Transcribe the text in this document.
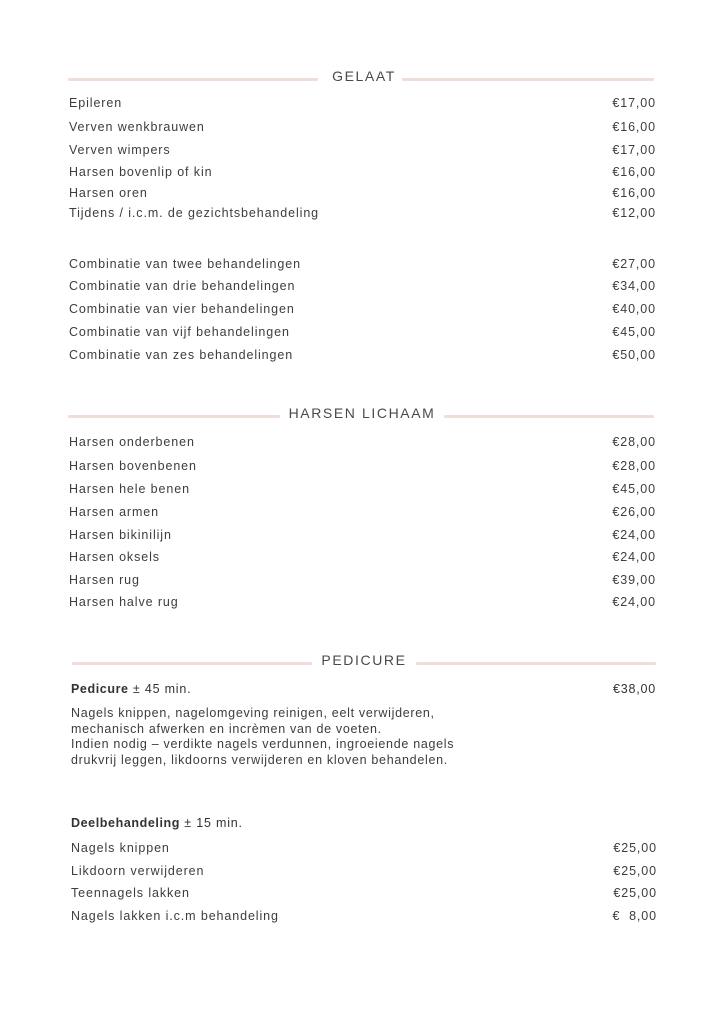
GELAAT
Epileren	€17,00
Verven wenkbrauwen	€16,00
Verven wimpers	€17,00
Harsen bovenlip of kin	€16,00
Harsen oren	€16,00
Tijdens / i.c.m. de gezichtsbehandeling	€12,00
Combinatie van twee behandelingen	€27,00
Combinatie van drie behandelingen	€34,00
Combinatie van vier behandelingen	€40,00
Combinatie van vijf behandelingen	€45,00
Combinatie van zes behandelingen	€50,00
HARSEN LICHAAM
Harsen onderbenen	€28,00
Harsen bovenbenen	€28,00
Harsen hele benen	€45,00
Harsen armen	€26,00
Harsen bikinilijn	€24,00
Harsen oksels	€24,00
Harsen rug	€39,00
Harsen halve rug	€24,00
PEDICURE
Pedicure ± 45 min.	€38,00
Nagels knippen, nagelomgeving reinigen, eelt verwijderen,
mechanisch afwerken en incrèmen van de voeten.
Indien nodig – verdikte nagels verdunnen, ingroeiende nagels
drukvrij leggen, likdoorns verwijderen en kloven behandelen.
Deelbehandeling ± 15 min.
Nagels knippen	€25,00
Likdoorn verwijderen	€25,00
Teennagels lakken	€25,00
Nagels lakken i.c.m behandeling	€  8,00
